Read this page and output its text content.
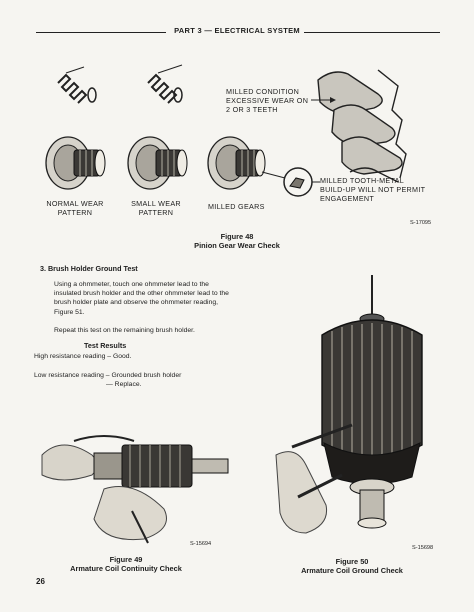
PART 3 — ELECTRICAL SYSTEM
MILLED CONDITION EXCESSIVE WEAR ON 2 OR 3 TEETH
MILLED TOOTH-METAL BUILD-UP WILL NOT PERMIT ENGAGEMENT
NORMAL WEAR PATTERN
SMALL WEAR PATTERN
MILLED GEARS
S-17095
Figure 48
Pinion Gear Wear Check
3. Brush Holder Ground Test
Using a ohmmeter, touch one ohmmeter lead to the insulated brush holder and the other ohmmeter lead to the brush holder plate and observe the ohmmeter reading, Figure 51.
Repeat this test on the remaining brush holder.
Test Results
High resistance reading – Good.
Low resistance reading – Grounded brush holder
— Replace.
S-15694
S-15698
Figure 49
Armature Coil Continuity Check
Figure 50
Armature Coil Ground Check
26
